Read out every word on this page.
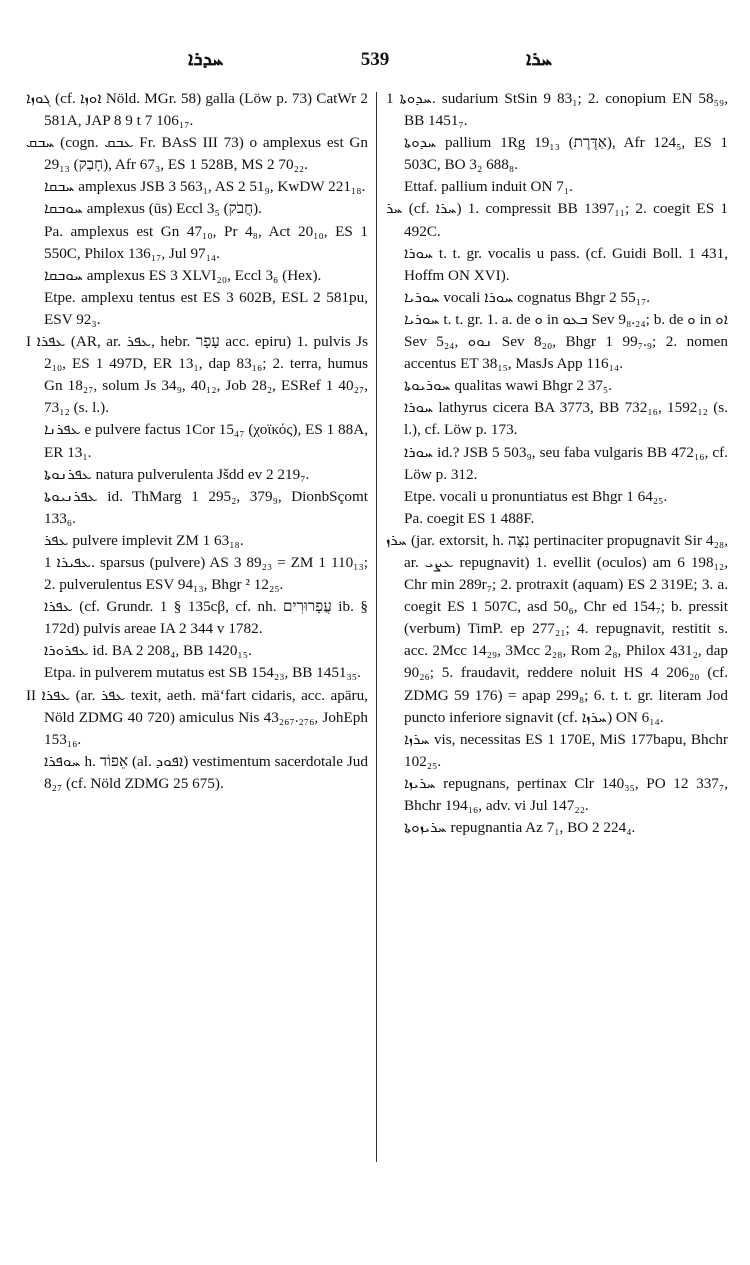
ܚܕܪܐ	539	ܚܪܐ

ܓܘܙܐ (cf. ܐܘܙܐ Nöld. MGr. 58) galla (Löw p. 73) CatWr 2 581A, JAP 8 9 t 7 106₁₇.

ܚܒܩ (cogn. ܥܒܩ Fr. BAsS III 73) o amplexus est Gn 29₁₃ (חָבַק), Afr 67₃, ES 1 528B, MS 2 70₂₂.

ܚܒܩܐ amplexus JSB 3 563₁, AS 2 51₉, KwDW 221₁₈.

ܚܘܒܩܐ amplexus (ūs) Eccl 3₅ (חֲבֹק).

Pa. amplexus est Gn 47₁₀, Pr 4₈, Act 20₁₀, ES 1 550C, Philox 136₁₇, Jul 97₁₄.

ܚܘܒܩܐ amplexus ES 3 XLVI₂₀, Eccl 3₆ (Hex).

Etpe. amplexu tentus est ES 3 602B, ESL 2 581pu, ESV 92₃.

I ܥܦܪܐ (AR, ar. ܥܦܪ, hebr. עָפָר acc. epiru) 1. pulvis Js 2₁₀, ES 1 497D, ER 13₁, dap 83₁₆; 2. terra, humus Gn 18₂₇, solum Js 34₉, 40₁₂, Job 28₂, ESRef 1 40₂₇, 73₁₂ (s. l.).

ܥܦܪܢܐ e pulvere factus 1Cor 15₄₇ (χοϊκός), ES 1 88A, ER 13₁.

ܥܦܪܢܘܬܐ natura pulverulenta Jšdd ev 2 219₇.

ܥܦܪܢܝܘܬܐ id. ThMarg 1 295₂, 379₉, DionbSçomt 133₆.

ܥܦܪ pulvere implevit ZM 1 63₁₈.

ܥܦܝܪܐ 1. sparsus (pulvere) AS 3 89₂₃ = ZM 1 110₁₃; 2. pulverulentus ESV 94₁₃, Bhgr ² 12₂₅.

ܥܦܪܐ (cf. Grundr. 1 § 135cβ, cf. nh. עֲפָרוּרִים ib. § 172d) pulvis areae IA 2 344 v 1782.

ܥܦܪܘܪܐ id. BA 2 208₄, BB 1420₁₅.

Etpa. in pulverem mutatus est SB 154₂₃, BB 1451₃₅.

II ܥܦܪܐ (ar. ܥܦܪ texit, aeth. mäʻfart cidaris, acc. apāru, Nöld ZDMG 40 720) amiculus Nis 43₂₆₇.₂₇₆, JohEph 153₁₆.

ܚܘܦܪܐ h. אֵפוֹד (al. ܐܦܘܕ) vestimentum sacerdotale Jud 8₂₇ (cf. Nöld ZDMG 25 675).

ܚܕܘܬܐ 1. sudarium StSin 9 83₁; 2. conopium EN 58₅₉, BB 1451₇.

ܚܕܘܬܐ pallium 1Rg 19₁₃ (אַדֶּרֶת), Afr 124₅, ES 1 503C, BO 3₂ 688₈.

Ettaf. pallium induit ON 7₁.

ܚܪ (cf. ܚܪܐ) 1. compressit BB 1397₁₁; 2. coegit ES 1 492C.

ܚܘܪܐ t. t. gr. vocalis u pass. (cf. Guidi Boll. 1 431, Hoffm ON XVI).

ܚܘܪܝܐ vocali ܚܘܪܐ cognatus Bhgr 2 55₁₇.

ܚܘܪܝܐ t. t. gr. 1. a. de ܘ in ܒܥܘ Sev 9₈.₂₄; b. de ܘ in ܐܘ Sev 5₂₄, ܢܘܘ Sev 8₂₀, Bhgr 1 99₇.₉; 2. nomen accentus ET 38₁₅, MasJs App 116₁₄.

ܚܘܪܝܘܬܐ qualitas wawi Bhgr 2 37₅.

ܚܘܪܐ lathyrus cicera BA 3773, BB 732₁₆, 1592₁₂ (s. l.), cf. Löw p. 173.

ܚܘܪܐ id.? JSB 5 503₉, seu faba vulgaris BB 472₁₆, cf. Löw p. 312.

Etpe. vocali u pronuntiatus est Bhgr 1 64₂₅.

Pa. coegit ES 1 488F.

ܚܪܙ (jar. extorsit, h. נִצָּה pertinaciter propugnavit Sir 4₂₈, ar. ܥܨܝ repugnavit) 1. evellit (oculos) am 6 198₁₂, Chr min 289r₇; 2. protraxit (aquam) ES 2 319E; 3. a. coegit ES 1 507C, asd 50₆, Chr ed 154₇; b. pressit (verbum) TimP. ep 277₂₁; 4. repugnavit, restitit s. acc. 2Mcc 14₂₉, 3Mcc 2₂₈, Rom 2₈, Philox 431₂, dap 90₂₆; 5. fraudavit, reddere noluit HS 4 206₂₀ (cf. ZDMG 59 176) = apap 299₈; 6. t. t. gr. literam Jod puncto inferiore signavit (cf. ܚܪܙܐ) ON 6₁₄.

ܚܪܙܐ vis, necessitas ES 1 170E, MiS 177bapu, Bhchr 102₂₅.

ܚܪܝܙܐ repugnans, pertinax Clr 140₃₅, PO 12 337₇, Bhchr 194₁₆, adv. vi Jul 147₂₂.

ܚܪܝܙܘܬܐ repugnantia Az 7₁, BO 2 224₄.
